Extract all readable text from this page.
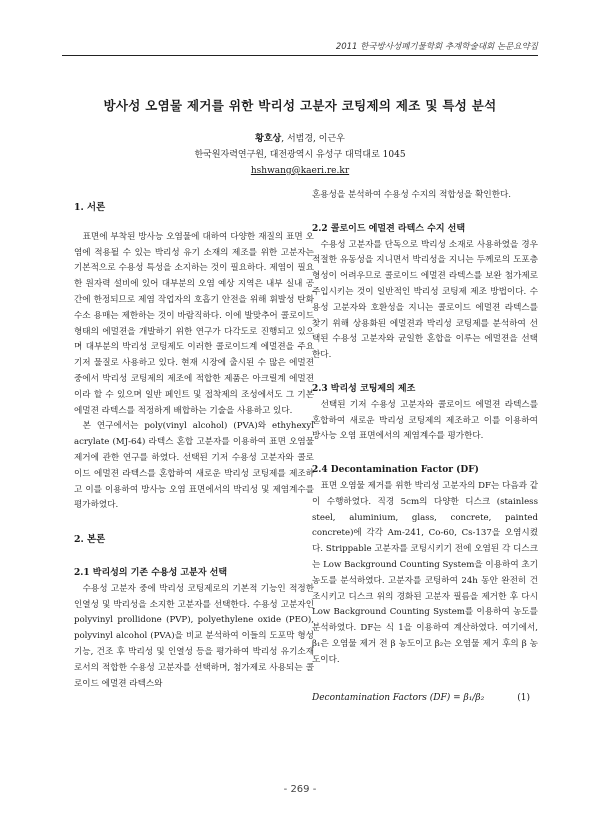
2011 한국방사성폐기물학회 추계학술대회 논문요약집
방사성 오염물 제거를 위한 박리성 고분자 코팅제의 제조 및 특성 분석
황호상, 서범경, 이근우
한국원자력연구원, 대전광역시 유성구 대덕대로 1045
hshwang@kaeri.re.kr

1. 서론

표면에 부착된 방사능 오염물에 대하여 다양한 재질의 표면 오염에 적용될 수 있는 박리성 유기 소재의 제조를 위한 고분자는 기본적으로 수용성 특성을 소지하는 것이 필요하다. 제염이 필요한 원자력 설비에 있어 대부분의 오염 예상 지역은 내부 실내 공간에 한정되므로 제염 작업자의 호흡기 안전을 위해 휘발성 탄화수소 용매는 제한하는 것이 바람직하다. 이에 발맞추어 콜로이드 형태의 에멀젼을 개발하기 위한 연구가 다각도로 진행되고 있으며 대부분의 박리성 코팅제도 이러한 콜로이드계 에멀젼을 주요 기저 물질로 사용하고 있다. 현재 시장에 출시된 수 많은 에멀젼 중에서 박리성 코팅제의 제조에 적합한 제품은 아크릴계 에멀젼이라 할 수 있으며 일반 페인트 및 접착제의 조성에서도 그 기본 에멀젼 라텍스를 적정하게 배합하는 기술을 사용하고 있다.

본 연구에서는 poly(vinyl alcohol) (PVA)와 ethyhexyl acrylate (MJ-64) 라텍스 혼합 고분자를 이용하여 표면 오염물 제거에 관한 연구를 하였다. 선택된 기저 수용성 고분자와 콜로이드 에멀젼 라텍스를 혼합하여 새로운 박리성 코팅제를 제조하고 이를 이용하여 방사능 오염 표면에서의 박리성 및 제염계수를 평가하였다.

2. 본론

2.1 박리성의 기존 수용성 고분자 선택

수용성 고분자 중에 박리성 코팅제로의 기본적 기능인 적정한 인열성 및 박리성을 소지한 고분자를 선택한다. 수용성 고분자인 polyvinyl prollidone (PVP), polyethylene oxide (PEO), polyvinyl alcohol (PVA)을 비교 분석하여 이들의 도포막 형성기능, 건조 후 박리성 및 인열성 등을 평가하여 박리성 유기소재로서의 적합한 수용성 고분자를 선택하며, 첨가제로 사용되는 콜로이드 에멀젼 라텍스와

혼용성을 분석하여 수용성 수지의 적합성을 확인한다.

2.2 콜로이드 에멀젼 라텍스 수지 선택

수용성 고분자를 단독으로 박리성 소재로 사용하였을 경우 적절한 유동성을 지니면서 박리성을 지니는 두께로의 도포층 형성이 어려우므로 콜로이드 에멀젼 라텍스를 보완 첨가제로 주입시키는 것이 일반적인 박리성 코팅제 제조 방법이다. 수용성 고분자와 호환성을 지니는 콜로이드 에멀젼 라텍스를 찾기 위해 상용화된 에멀젼과 박리성 코팅제를 분석하여 선택된 수용성 고분자와 균일한 혼합을 이루는 에멀젼을 선택한다.

2.3 박리성 코팅제의 제조

선택된 기저 수용성 고분자와 콜로이드 에멀젼 라텍스를 혼합하여 새로운 박리성 코팅제의 제조하고 이를 이용하여 방사능 오염 표면에서의 제염계수를 평가한다.

2.4 Decontamination Factor (DF)

표면 오염물 제거를 위한 박리성 고분자의 DF는 다음과 같이 수행하였다. 직경 5cm의 다양한 디스크 (stainless steel, aluminium, glass, concrete, painted concrete)에 각각 Am-241, Co-60, Cs-137을 오염시켰다. Strippable 고분자를 코팅시키기 전에 오염된 각 디스크는 Low Background Counting System을 이용하여 초기 농도를 분석하였다. 고분자를 코팅하여 24h 동안 완전히 건조시키고 디스크 위의 경화된 고분자 필름을 제거한 후 다시 Low Background Counting System를 이용하여 농도를 분석하였다. DF는 식 1을 이용하여 계산하였다. 여기에서, β₁은 오염물 제거 전 β 농도이고 β₂는 오염물 제거 후의 β 농도이다.

Decontamination Factors (DF) = β₁/β₂	(1)
- 269 -
